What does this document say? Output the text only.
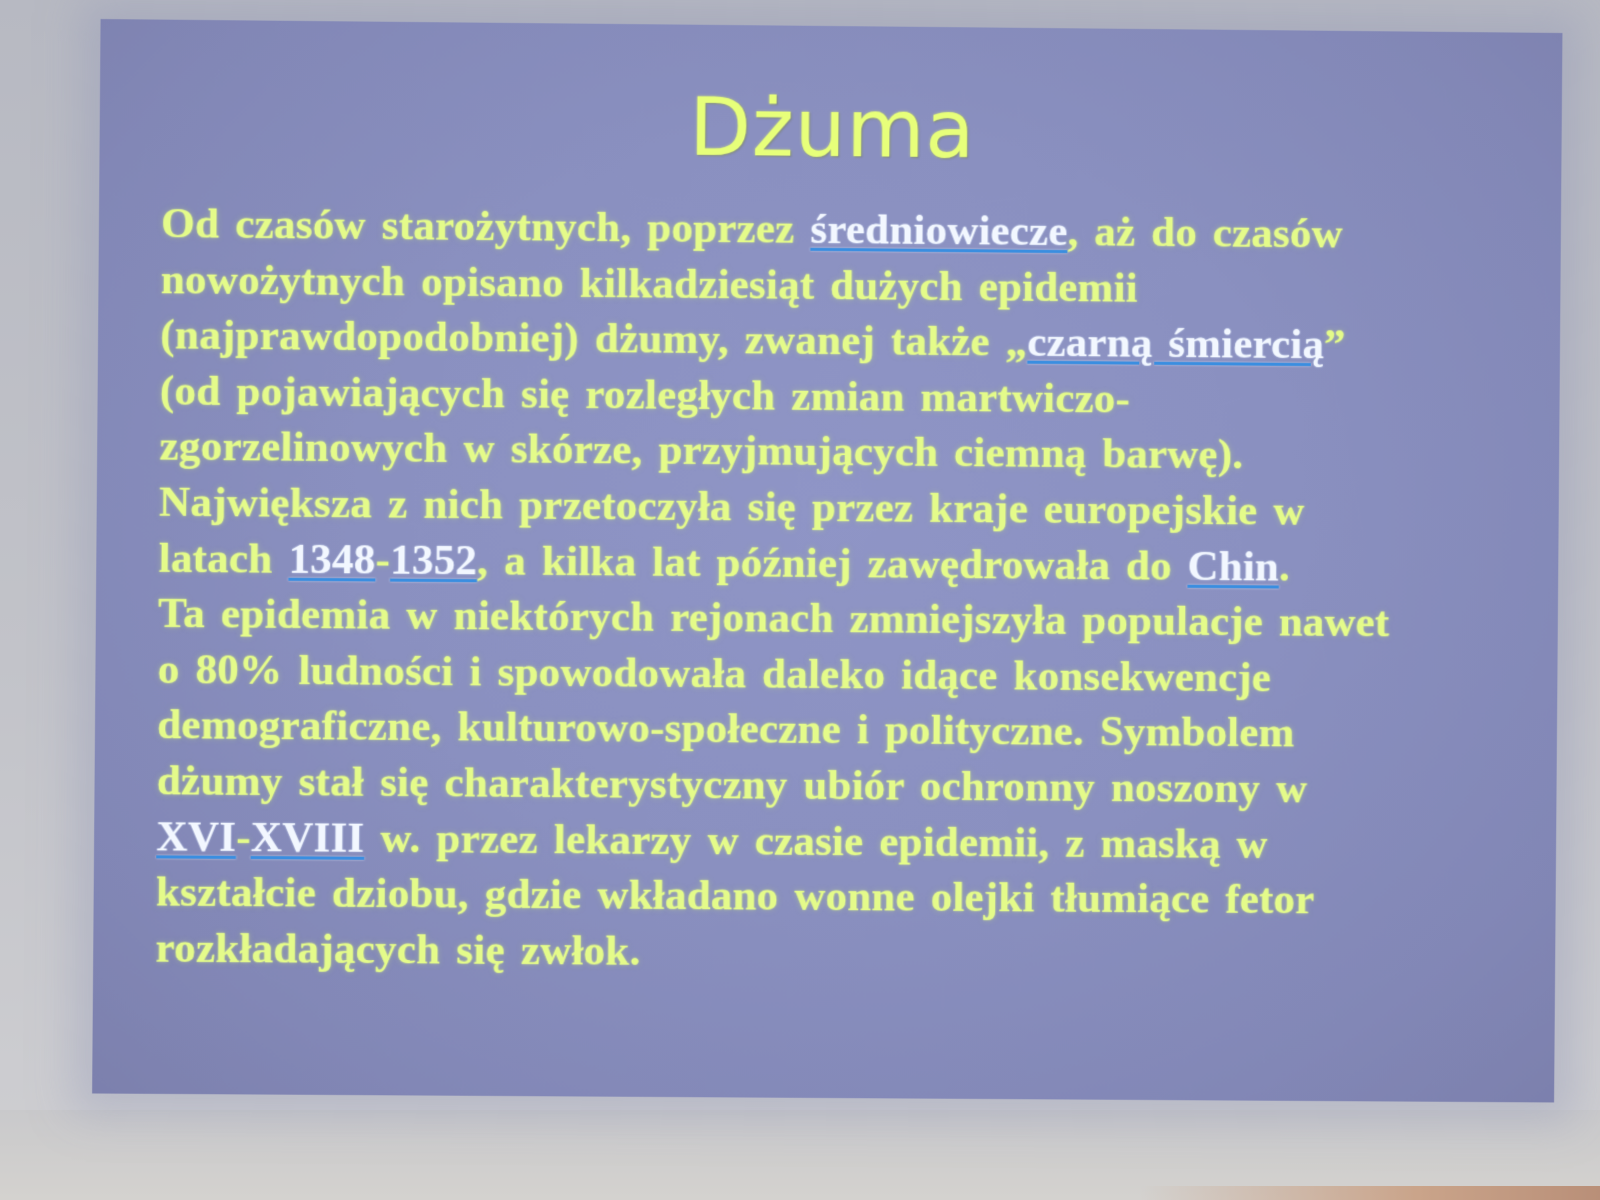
Dżuma
Od czasów starożytnych, poprzez średniowiecze, aż do czasów
nowożytnych opisano kilkadziesiąt dużych epidemii
(najprawdopodobniej) dżumy, zwanej także „czarną śmiercią”
(od pojawiających się rozległych zmian martwiczo-
zgorzelinowych w skórze, przyjmujących ciemną barwę).
Największa z nich przetoczyła się przez kraje europejskie w
latach 1348-1352, a kilka lat później zawędrowała do Chin.
Ta epidemia w niektórych rejonach zmniejszyła populacje nawet
o 80% ludności i spowodowała daleko idące konsekwencje
demograficzne, kulturowo-społeczne i polityczne. Symbolem
dżumy stał się charakterystyczny ubiór ochronny noszony w
XVI-XVIII w. przez lekarzy w czasie epidemii, z maską w
kształcie dziobu, gdzie wkładano wonne olejki tłumiące fetor
rozkładających się zwłok.
